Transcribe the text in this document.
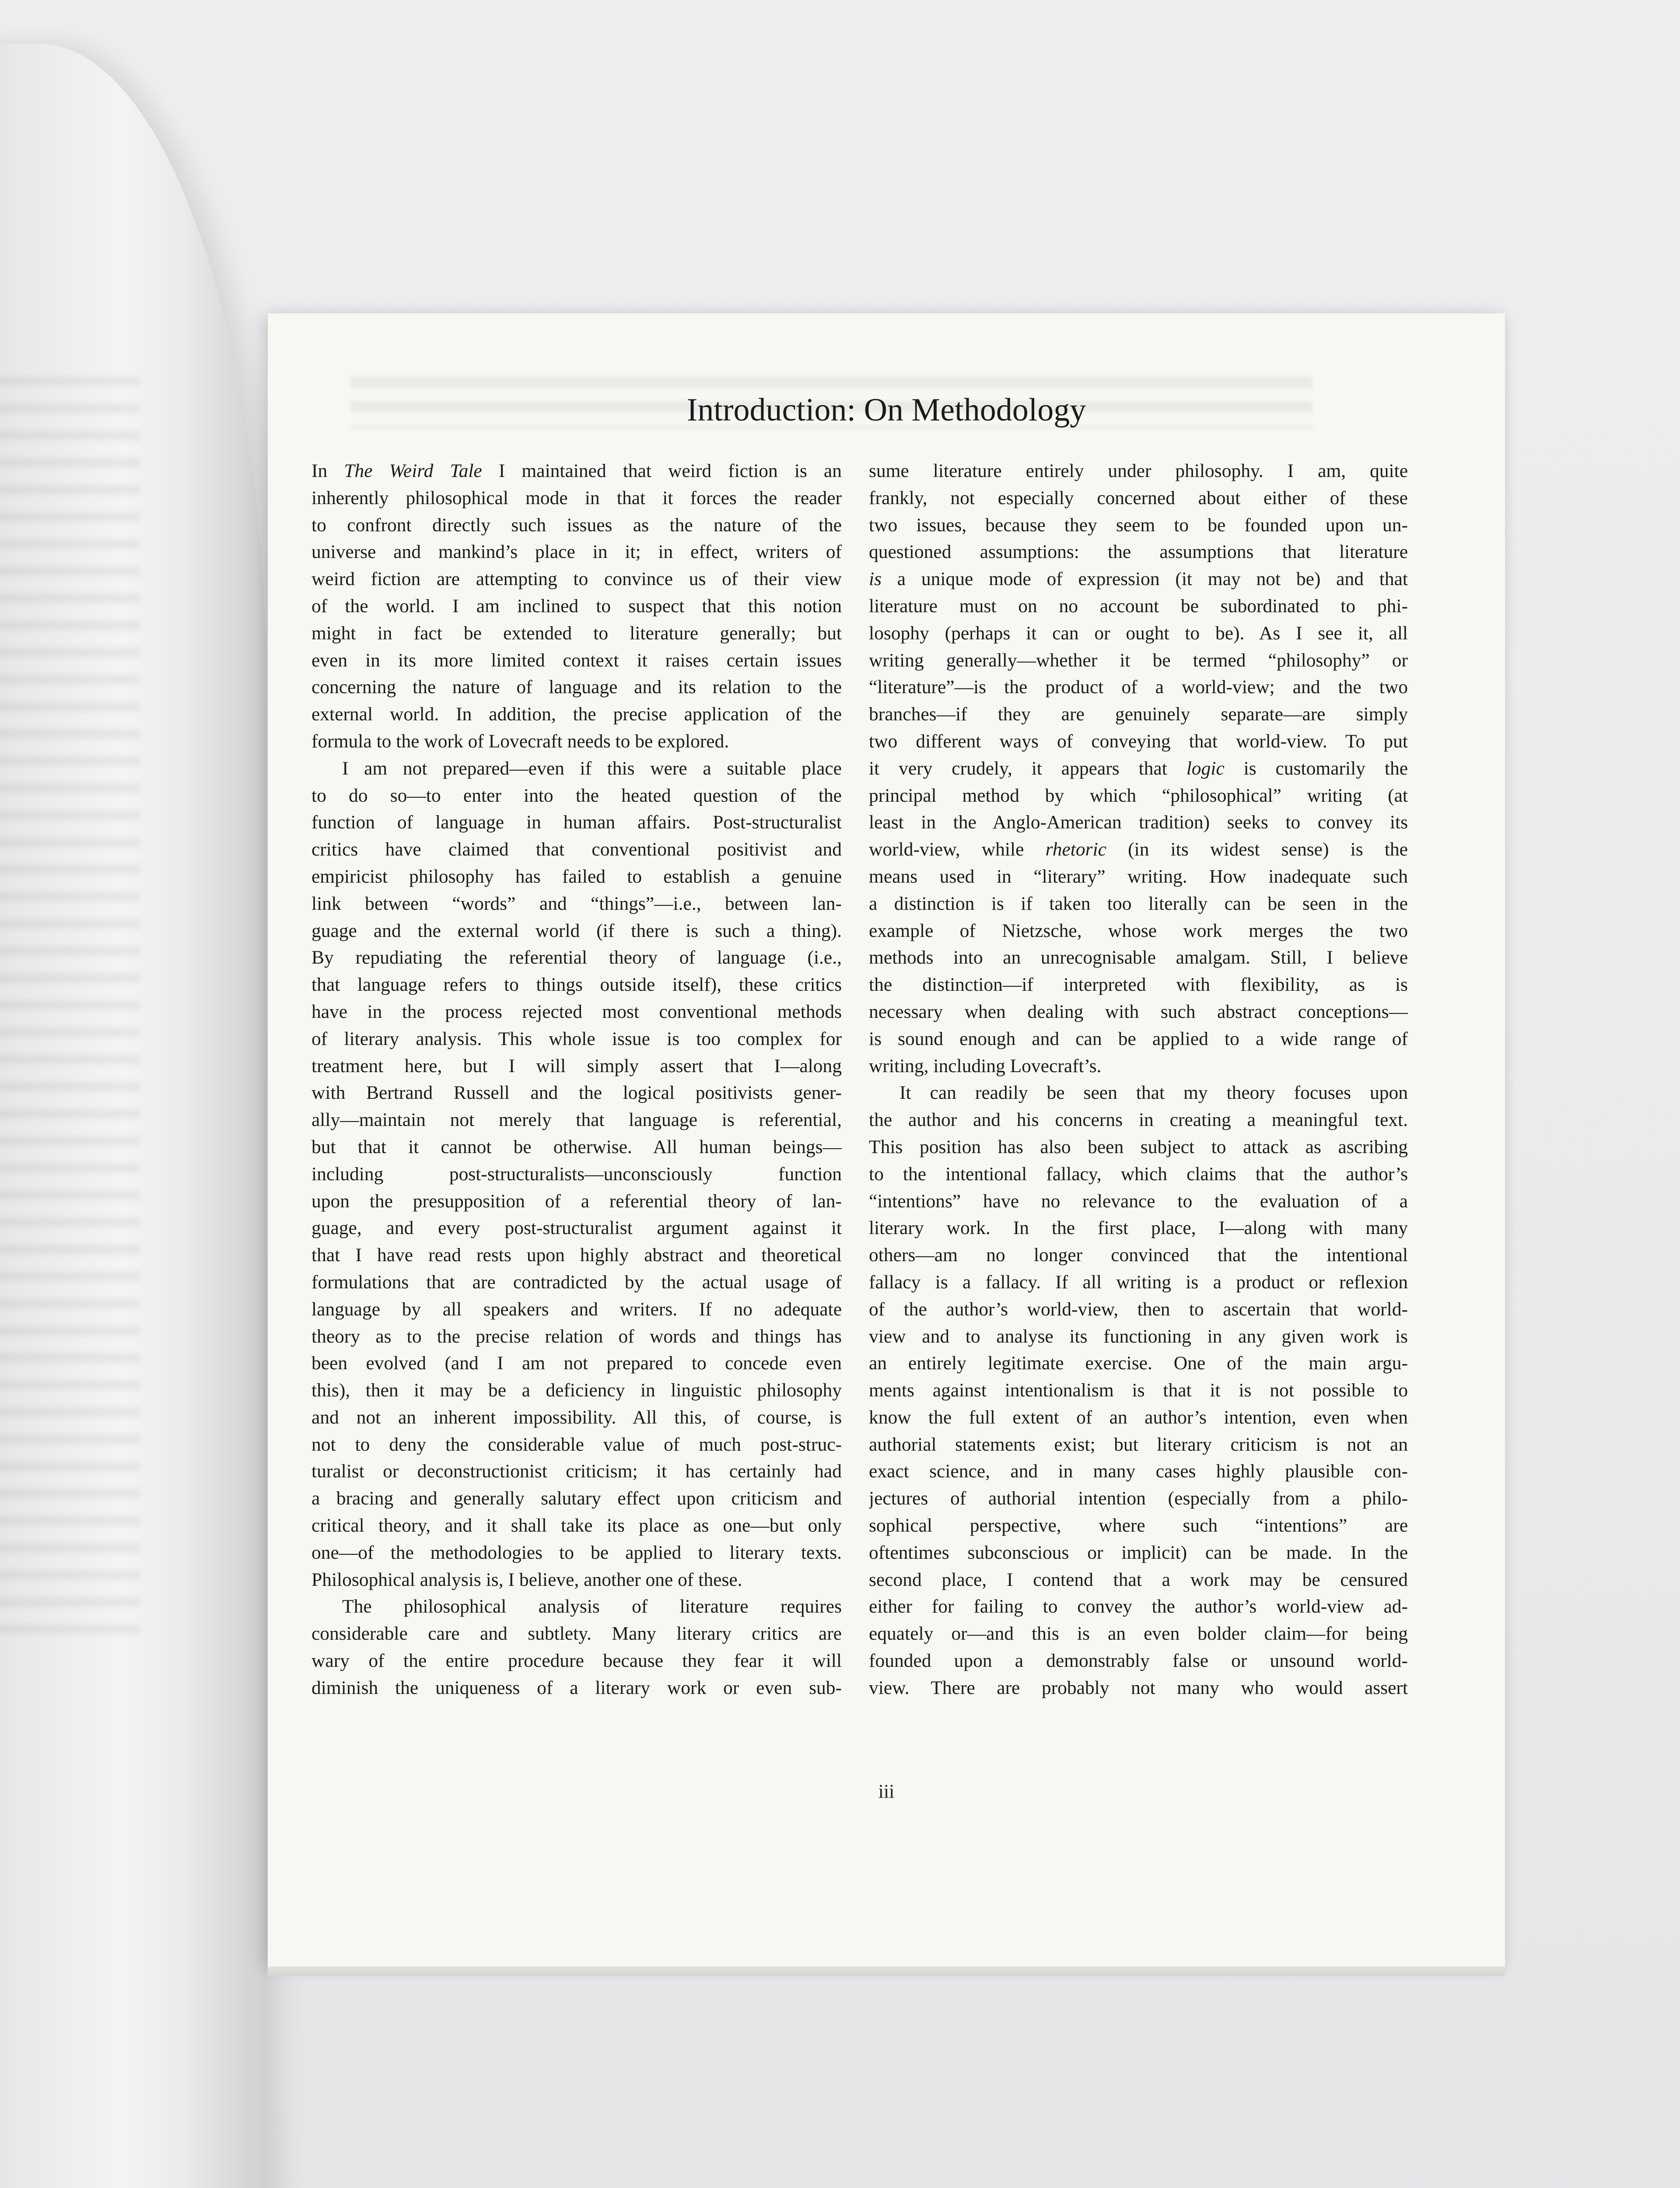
Introduction: On Methodology
In The Weird Tale I maintained that weird fiction is an
inherently philosophical mode in that it forces the reader
to confront directly such issues as the nature of the
universe and mankind’s place in it; in effect, writers of
weird fiction are attempting to convince us of their view
of the world. I am inclined to suspect that this notion
might in fact be extended to literature generally; but
even in its more limited context it raises certain issues
concerning the nature of language and its relation to the
external world. In addition, the precise application of the
formula to the work of Lovecraft needs to be explored.
I am not prepared—even if this were a suitable place
to do so—to enter into the heated question of the
function of language in human affairs. Post-structuralist
critics have claimed that conventional positivist and
empiricist philosophy has failed to establish a genuine
link between “words” and “things”—i.e., between lan-
guage and the external world (if there is such a thing).
By repudiating the referential theory of language (i.e.,
that language refers to things outside itself), these critics
have in the process rejected most conventional methods
of literary analysis. This whole issue is too complex for
treatment here, but I will simply assert that I—along
with Bertrand Russell and the logical positivists gener-
ally—maintain not merely that language is referential,
but that it cannot be otherwise. All human beings—
including post-structuralists—unconsciously function
upon the presupposition of a referential theory of lan-
guage, and every post-structuralist argument against it
that I have read rests upon highly abstract and theoretical
formulations that are contradicted by the actual usage of
language by all speakers and writers. If no adequate
theory as to the precise relation of words and things has
been evolved (and I am not prepared to concede even
this), then it may be a deficiency in linguistic philosophy
and not an inherent impossibility. All this, of course, is
not to deny the considerable value of much post-struc-
turalist or deconstructionist criticism; it has certainly had
a bracing and generally salutary effect upon criticism and
critical theory, and it shall take its place as one—but only
one—of the methodologies to be applied to literary texts.
Philosophical analysis is, I believe, another one of these.
The philosophical analysis of literature requires
considerable care and subtlety. Many literary critics are
wary of the entire procedure because they fear it will
diminish the uniqueness of a literary work or even sub-
sume literature entirely under philosophy. I am, quite
frankly, not especially concerned about either of these
two issues, because they seem to be founded upon un-
questioned assumptions: the assumptions that literature
is a unique mode of expression (it may not be) and that
literature must on no account be subordinated to phi-
losophy (perhaps it can or ought to be). As I see it, all
writing generally—whether it be termed “philosophy” or
“literature”—is the product of a world-view; and the two
branches—if they are genuinely separate—are simply
two different ways of conveying that world-view. To put
it very crudely, it appears that logic is customarily the
principal method by which “philosophical” writing (at
least in the Anglo-American tradition) seeks to convey its
world-view, while rhetoric (in its widest sense) is the
means used in “literary” writing. How inadequate such
a distinction is if taken too literally can be seen in the
example of Nietzsche, whose work merges the two
methods into an unrecognisable amalgam. Still, I believe
the distinction—if interpreted with flexibility, as is
necessary when dealing with such abstract conceptions—
is sound enough and can be applied to a wide range of
writing, including Lovecraft’s.
It can readily be seen that my theory focuses upon
the author and his concerns in creating a meaningful text.
This position has also been subject to attack as ascribing
to the intentional fallacy, which claims that the author’s
“intentions” have no relevance to the evaluation of a
literary work. In the first place, I—along with many
others—am no longer convinced that the intentional
fallacy is a fallacy. If all writing is a product or reflexion
of the author’s world-view, then to ascertain that world-
view and to analyse its functioning in any given work is
an entirely legitimate exercise. One of the main argu-
ments against intentionalism is that it is not possible to
know the full extent of an author’s intention, even when
authorial statements exist; but literary criticism is not an
exact science, and in many cases highly plausible con-
jectures of authorial intention (especially from a philo-
sophical perspective, where such “intentions” are
oftentimes subconscious or implicit) can be made. In the
second place, I contend that a work may be censured
either for failing to convey the author’s world-view ad-
equately or—and this is an even bolder claim—for being
founded upon a demonstrably false or unsound world-
view. There are probably not many who would assert
iii
